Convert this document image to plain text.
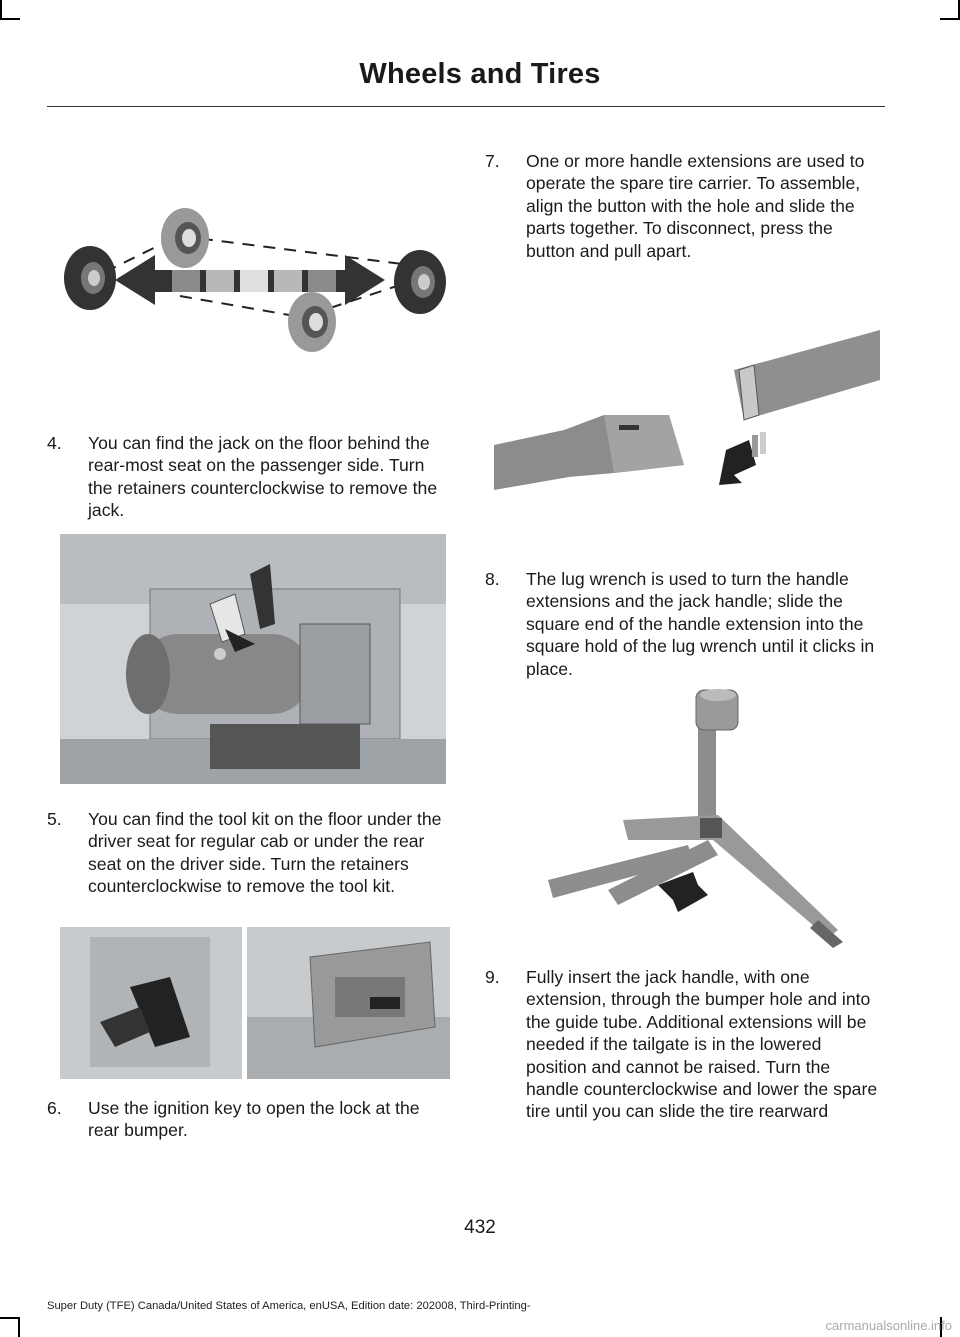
Wheels and Tires
4. You can find the jack on the floor behind the rear-most seat on the passenger side. Turn the retainers counterclockwise to remove the jack.
5. You can find the tool kit on the floor under the driver seat for regular cab or under the rear seat on the driver side. Turn the retainers counterclockwise to remove the tool kit.
6. Use the ignition key to open the lock at the rear bumper.
7. One or more handle extensions are used to operate the spare tire carrier. To assemble, align the button with the hole and slide the parts together. To disconnect, press the button and pull apart.
8. The lug wrench is used to turn the handle extensions and the jack handle; slide the square end of the handle extension into the square hold of the lug wrench until it clicks in place.
9. Fully insert the jack handle, with one extension, through the bumper hole and into the guide tube. Additional extensions will be needed if the tailgate is in the lowered position and cannot be raised. Turn the handle counterclockwise and lower the spare tire until you can slide the tire rearward
432
Super Duty (TFE) Canada/United States of America, enUSA, Edition date: 202008, Third-Printing-
carmanualsonline.info
